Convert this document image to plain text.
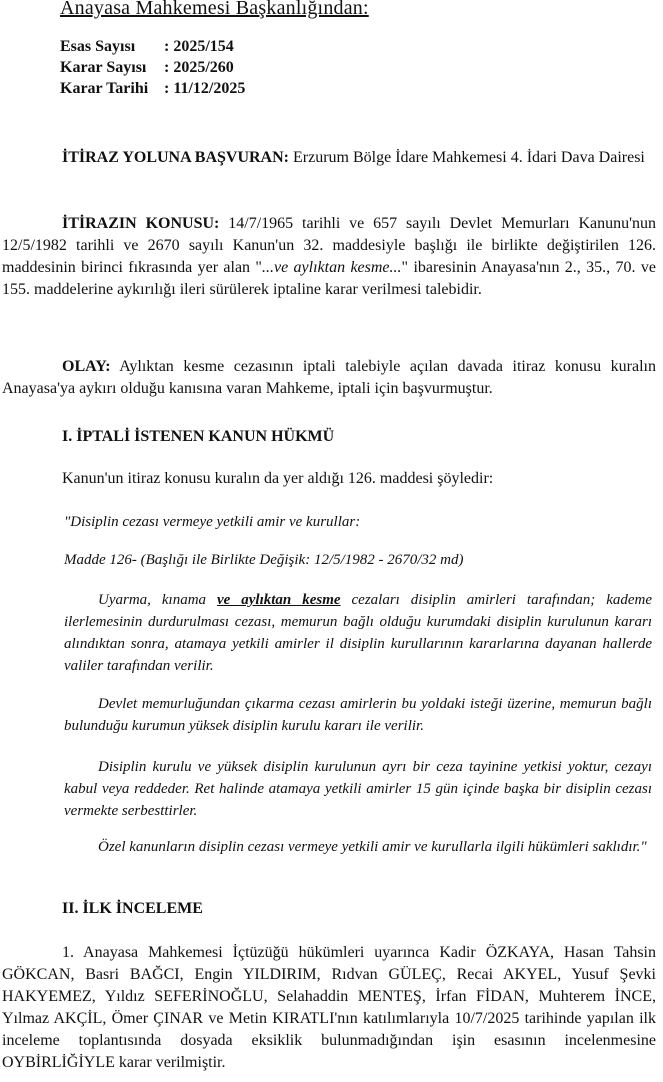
Anayasa Mahkemesi Başkanlığından:
Esas Sayısı	: 2025/154
Karar Sayısı	: 2025/260
Karar Tarihi : 11/12/2025
İTİRAZ YOLUNA BAŞVURAN: Erzurum Bölge İdare Mahkemesi 4. İdari Dava Dairesi
İTİRAZIN KONUSU: 14/7/1965 tarihli ve 657 sayılı Devlet Memurları Kanunu'nun 12/5/1982 tarihli ve 2670 sayılı Kanun'un 32. maddesiyle başlığı ile birlikte değiştirilen 126. maddesinin birinci fıkrasında yer alan "...ve aylıktan kesme..." ibaresinin Anayasa'nın 2., 35., 70. ve 155. maddelerine aykırılığı ileri sürülerek iptaline karar verilmesi talebidir.
OLAY: Aylıktan kesme cezasının iptali talebiyle açılan davada itiraz konusu kuralın Anayasa'ya aykırı olduğu kanısına varan Mahkeme, iptali için başvurmuştur.
I. İPTALİ İSTENEN KANUN HÜKMÜ
Kanun'un itiraz konusu kuralın da yer aldığı 126. maddesi şöyledir:
"Disiplin cezası vermeye yetkili amir ve kurullar:
Madde 126- (Başlığı ile Birlikte Değişik: 12/5/1982 - 2670/32 md)
Uyarma, kınama ve aylıktan kesme cezaları disiplin amirleri tarafından; kademe ilerlemesinin durdurulması cezası, memurun bağlı olduğu kurumdaki disiplin kurulunun kararı alındıktan sonra, atamaya yetkili amirler il disiplin kurullarının kararlarına dayanan hallerde valiler tarafından verilir.
Devlet memurluğundan çıkarma cezası amirlerin bu yoldaki isteği üzerine, memurun bağlı bulunduğu kurumun yüksek disiplin kurulu kararı ile verilir.
Disiplin kurulu ve yüksek disiplin kurulunun ayrı bir ceza tayinine yetkisi yoktur, cezayı kabul veya reddeder. Ret halinde atamaya yetkili amirler 15 gün içinde başka bir disiplin cezası vermekte serbesttirler.
Özel kanunların disiplin cezası vermeye yetkili amir ve kurullarla ilgili hükümleri saklıdır."
II. İLK İNCELEME
1. Anayasa Mahkemesi İçtüzüğü hükümleri uyarınca Kadir ÖZKAYA, Hasan Tahsin GÖKCAN, Basri BAĞCI, Engin YILDIRIM, Rıdvan GÜLEÇ, Recai AKYEL, Yusuf Şevki HAKYEMEZ, Yıldız SEFERİNOĞLU, Selahaddin MENTEŞ, İrfan FİDAN, Muhterem İNCE, Yılmaz AKÇİL, Ömer ÇINAR ve Metin KIRATLI'nın katılımlarıyla 10/7/2025 tarihinde yapılan ilk inceleme toplantısında dosyada eksiklik bulunmadığından işin esasının incelenmesine OYBİRLİĞİYLE karar verilmiştir.
